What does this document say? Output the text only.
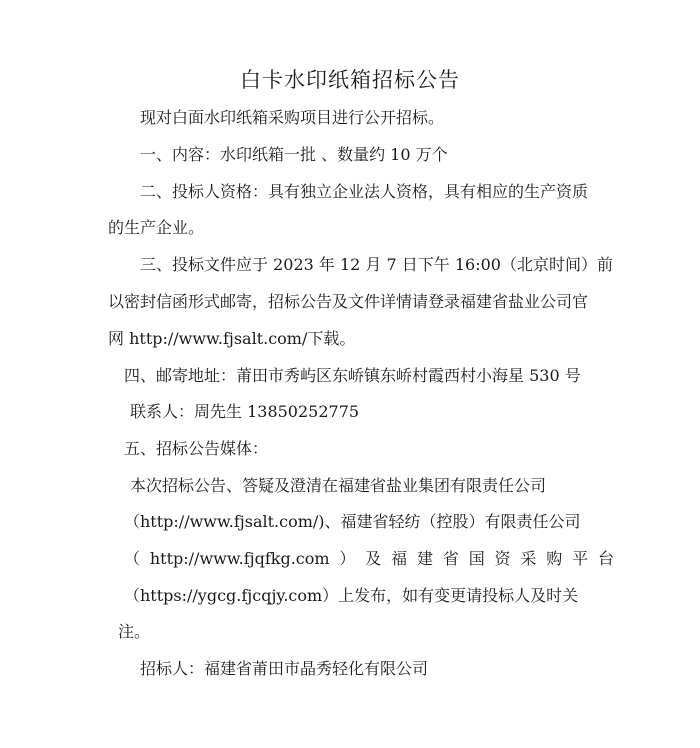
白卡水印纸箱招标公告
现对白面水印纸箱采购项目进行公开招标。
一、内容：水印纸箱一批 、数量约 10 万个
二、投标人资格：具有独立企业法人资格，具有相应的生产资质
的生产企业。
三、投标文件应于 2023 年 12 月 7 日下午 16:00（北京时间）前
以密封信函形式邮寄，招标公告及文件详情请登录福建省盐业公司官
网 http://www.fjsalt.com/下载。
四、邮寄地址：莆田市秀屿区东峤镇东峤村霞西村小海星 530 号
联系人：周先生 13850252775
五、招标公告媒体：
本次招标公告、答疑及澄清在福建省盐业集团有限责任公司
（http://www.fjsalt.com/)、福建省轻纺（控股）有限责任公司
（ http://www.fjqfkg.com ） 及 福 建 省 国 资 采 购 平 台
（https://ygcg.fjcqjy.com）上发布，如有变更请投标人及时关
注。
招标人：福建省莆田市晶秀轻化有限公司
